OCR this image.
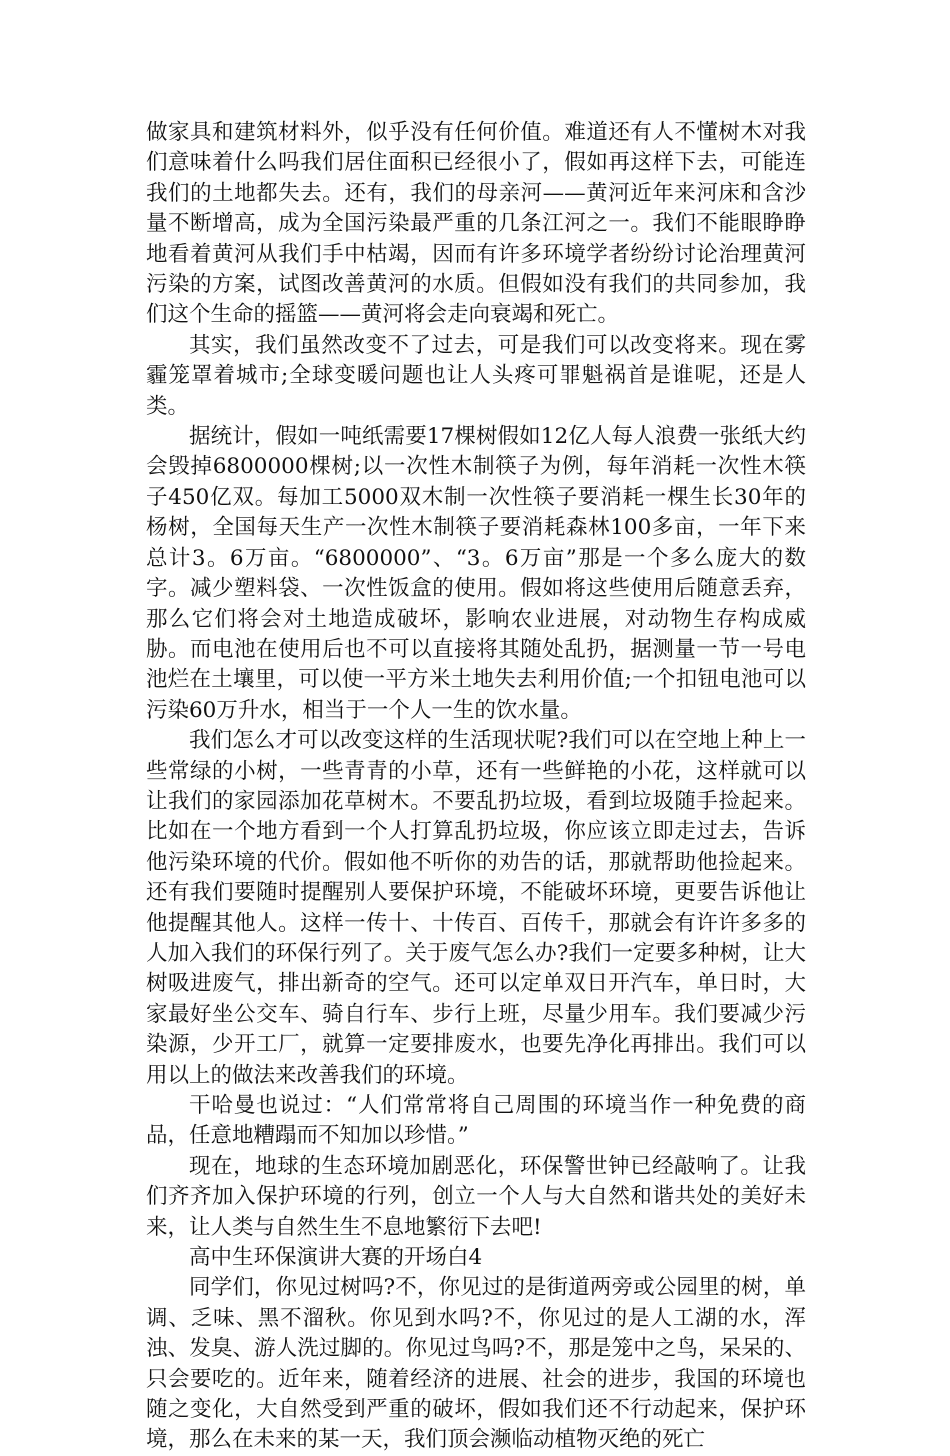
做家具和建筑材料外，似乎没有任何价值。难道还有人不懂树木对我们意味着什么吗我们居住面积已经很小了，假如再这样下去，可能连我们的土地都失去。还有，我们的母亲河——黄河近年来河床和含沙量不断增高，成为全国污染最严重的几条江河之一。我们不能眼睁睁地看着黄河从我们手中枯竭，因而有许多环境学者纷纷讨论治理黄河污染的方案，试图改善黄河的水质。但假如没有我们的共同参加，我们这个生命的摇篮——黄河将会走向衰竭和死亡。

其实，我们虽然改变不了过去，可是我们可以改变将来。现在雾霾笼罩着城市;全球变暖问题也让人头疼可罪魁祸首是谁呢，还是人类。

据统计，假如一吨纸需要17棵树假如12亿人每人浪费一张纸大约会毁掉6800000棵树;以一次性木制筷子为例，每年消耗一次性木筷子450亿双。每加工5000双木制一次性筷子要消耗一棵生长30年的杨树，全国每天生产一次性木制筷子要消耗森林100多亩，一年下来总计3。6万亩。“6800000”、“3。6万亩”那是一个多么庞大的数字。减少塑料袋、一次性饭盒的使用。假如将这些使用后随意丢弃，那么它们将会对土地造成破坏，影响农业进展，对动物生存构成威胁。而电池在使用后也不可以直接将其随处乱扔，据测量一节一号电池烂在土壤里，可以使一平方米土地失去利用价值;一个扣钮电池可以污染60万升水，相当于一个人一生的饮水量。

我们怎么才可以改变这样的生活现状呢?我们可以在空地上种上一些常绿的小树，一些青青的小草，还有一些鲜艳的小花，这样就可以让我们的家园添加花草树木。不要乱扔垃圾，看到垃圾随手捡起来。比如在一个地方看到一个人打算乱扔垃圾，你应该立即走过去，告诉他污染环境的代价。假如他不听你的劝告的话，那就帮助他捡起来。还有我们要随时提醒别人要保护环境，不能破坏环境，更要告诉他让他提醒其他人。这样一传十、十传百、百传千，那就会有许许多多的人加入我们的环保行列了。关于废气怎么办?我们一定要多种树，让大树吸进废气，排出新奇的空气。还可以定单双日开汽车，单日时，大家最好坐公交车、骑自行车、步行上班，尽量少用车。我们要减少污染源，少开工厂，就算一定要排废水，也要先净化再排出。我们可以用以上的做法来改善我们的环境。

干哈曼也说过：“人们常常将自己周围的环境当作一种免费的商品，任意地糟蹋而不知加以珍惜。”

现在，地球的生态环境加剧恶化，环保警世钟已经敲响了。让我们齐齐加入保护环境的行列，创立一个人与大自然和谐共处的美好未来，让人类与自然生生不息地繁衍下去吧!

高中生环保演讲大赛的开场白4

同学们，你见过树吗?不，你见过的是街道两旁或公园里的树，单调、乏味、黑不溜秋。你见到水吗?不，你见过的是人工湖的水，浑浊、发臭、游人洗过脚的。你见过鸟吗?不，那是笼中之鸟，呆呆的、只会要吃的。近年来，随着经济的进展、社会的进步，我国的环境也随之变化，大自然受到严重的破坏，假如我们还不行动起来，保护环境，那么在未来的某一天，我们顶会濒临动植物灭绝的死亡
